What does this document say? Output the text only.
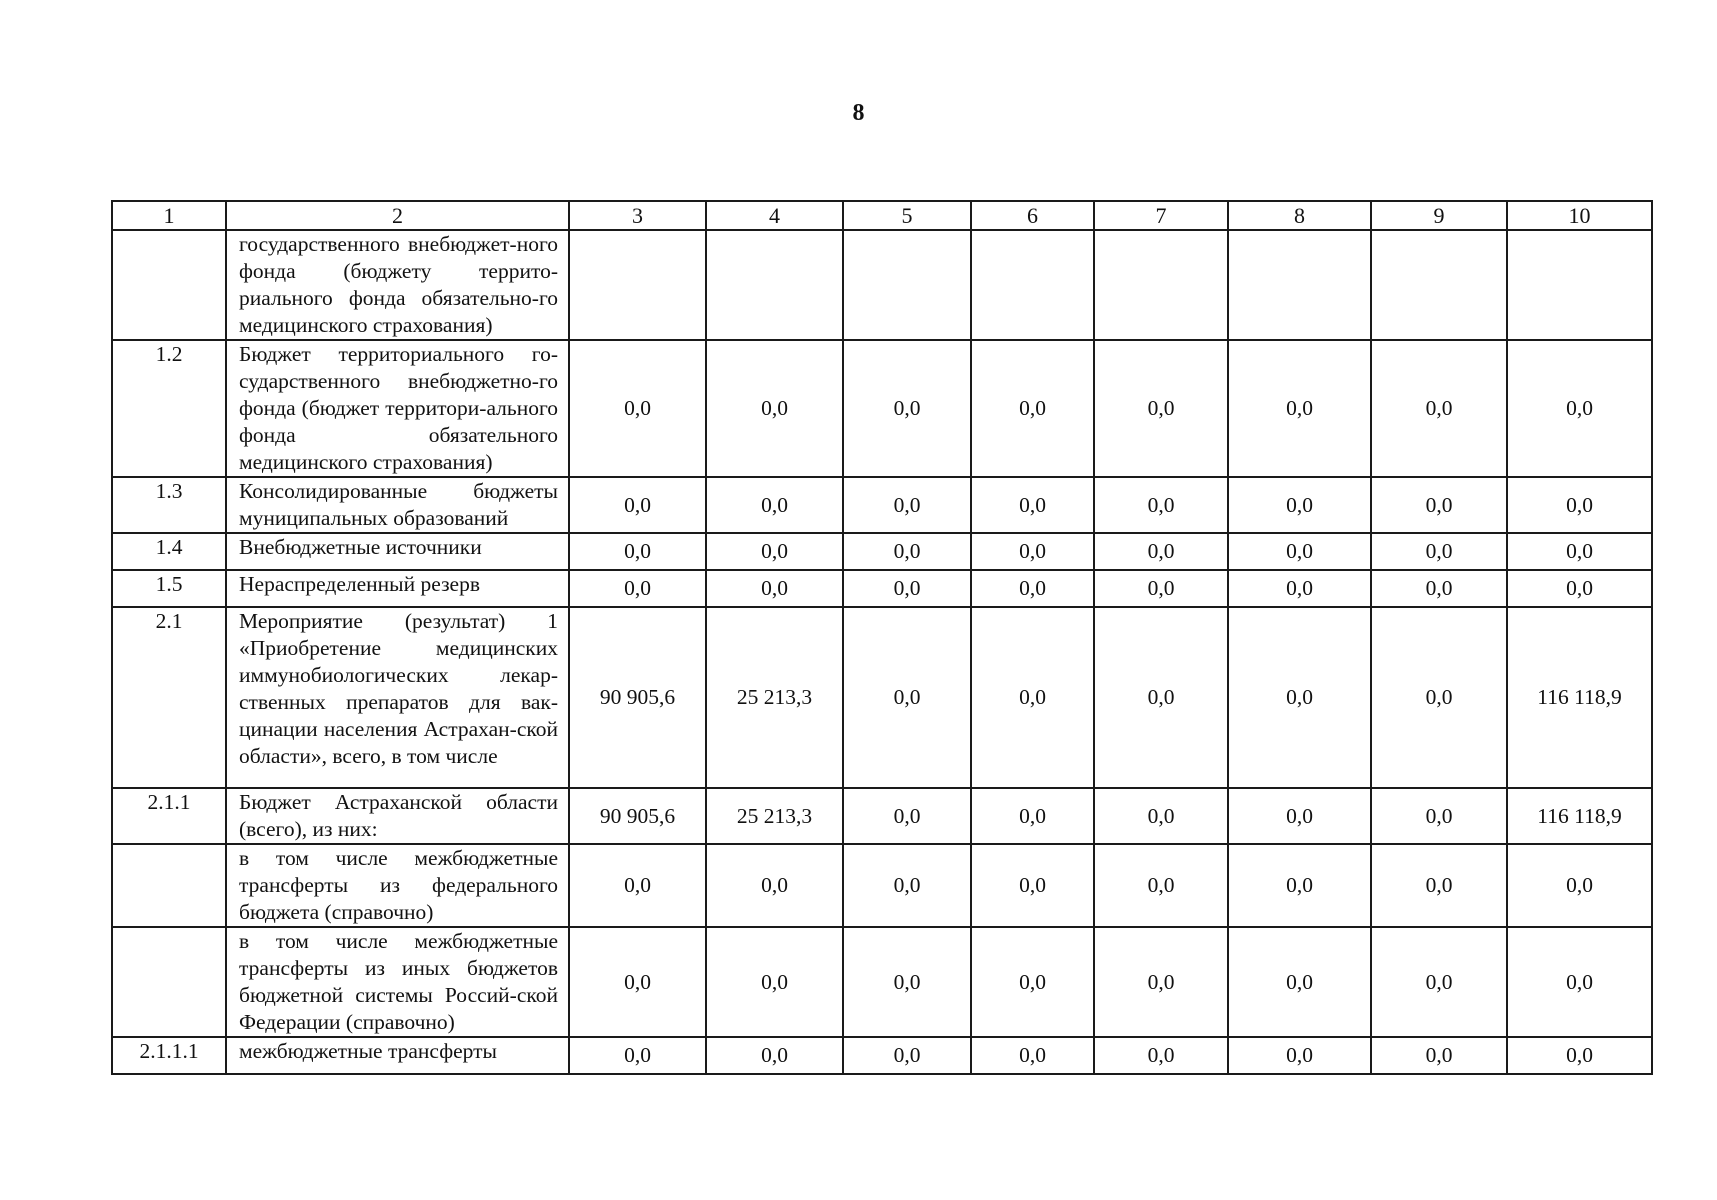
8
1	2	3	4	5	6	7	8	9	10
	государственного внебюджет-ного фонда (бюджету террито-риального фонда обязательно-го медицинского страхования)								
1.2	Бюджет территориального го-сударственного внебюджетно-го фонда (бюджет территори-ального фонда обязательного медицинского страхования)	0,0	0,0	0,0	0,0	0,0	0,0	0,0	0,0
1.3	Консолидированные бюджеты муниципальных образований	0,0	0,0	0,0	0,0	0,0	0,0	0,0	0,0
1.4	Внебюджетные источники	0,0	0,0	0,0	0,0	0,0	0,0	0,0	0,0
1.5	Нераспределенный резерв	0,0	0,0	0,0	0,0	0,0	0,0	0,0	0,0
2.1	Мероприятие (результат) 1 «Приобретение медицинских иммунобиологических лекар-ственных препаратов для вак-цинации населения Астрахан-ской области», всего, в том числе	90 905,6	25 213,3	0,0	0,0	0,0	0,0	0,0	116 118,9
2.1.1	Бюджет Астраханской области (всего), из них:	90 905,6	25 213,3	0,0	0,0	0,0	0,0	0,0	116 118,9
	в том числе межбюджетные трансферты из федерального бюджета (справочно)	0,0	0,0	0,0	0,0	0,0	0,0	0,0	0,0
	в том числе межбюджетные трансферты из иных бюджетов бюджетной системы Россий-ской Федерации (справочно)	0,0	0,0	0,0	0,0	0,0	0,0	0,0	0,0
2.1.1.1	межбюджетные трансферты	0,0	0,0	0,0	0,0	0,0	0,0	0,0	0,0
